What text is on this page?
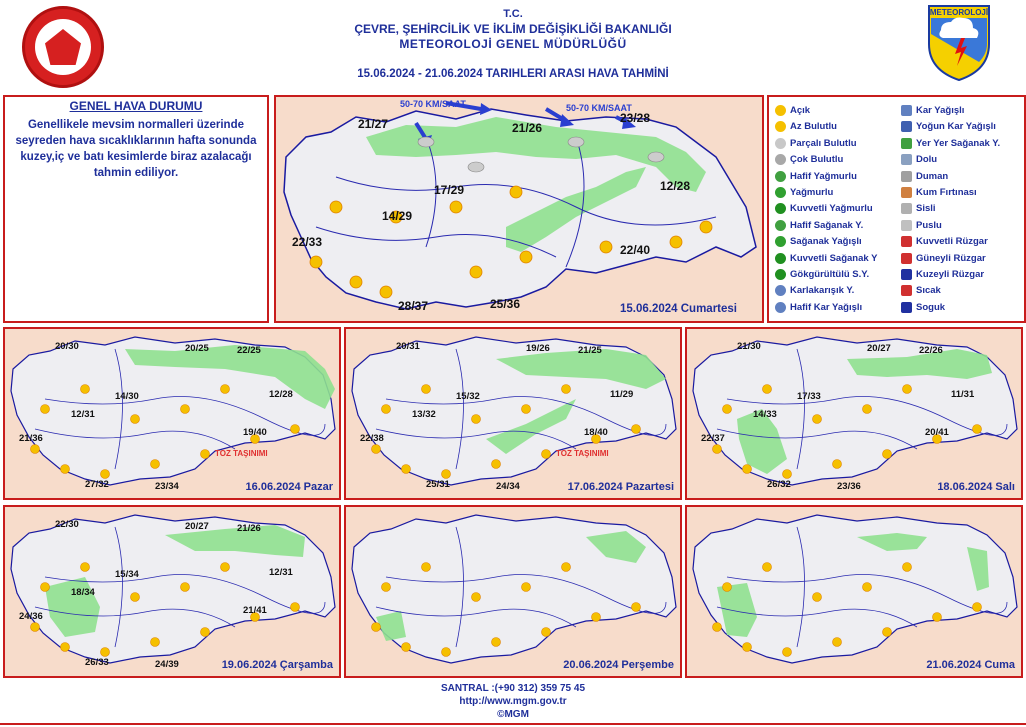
T.C.
ÇEVRE, ŞEHİRCİLİK VE İKLİM DEĞİŞİKLİĞİ BAKANLIĞI
METEOROLOJİ GENEL MÜDÜRLÜĞÜ
15.06.2024 - 21.06.2024 TARIHLERI ARASI HAVA TAHMİNİ
METEOROLOJİ
GENEL HAVA DURUMU
Genellikele mevsim normalleri üzerinde seyreden hava sıcaklıklarının hafta sonunda kuzey,iç ve batı kesimlerde biraz azalacağı tahmin ediliyor.
50-70 KM/SAAT	50-70 KM/SAAT
21/27	21/26
23/28
17/29	12/28
14/29
22/33
22/40
28/37	25/36	15.06.2024 Cumartesi
Açık
Az Bulutlu
Parçalı Bulutlu
Çok Bulutlu
Hafif Yağmurlu
Yağmurlu
Kuvvetli Yağmurlu
Hafif Sağanak Y.
Sağanak Yağışlı
Kuvvetli Sağanak Y
Gökgürültülü S.Y.
Karlakarışık Y.
Hafif Kar Yağışlı
Kar Yağışlı
Yoğun Kar Yağışlı
Yer Yer Sağanak Y.
Dolu
Duman
Kum Fırtınası
Sisli
Puslu
Kuvvetli Rüzgar
Güneyli Rüzgar
Kuzeyli Rüzgar
Sıcak
Soguk
20/30	20/25	22/25
14/30
12/31
12/28
21/36
19/40
27/32	23/34
TOZ TAŞINIMI
16.06.2024 Pazar
20/31	19/26	21/25
15/32
13/32
11/29
22/38
18/40
25/31	24/34
TOZ TAŞINIMI
17.06.2024 Pazartesi
21/30	20/27	22/26
17/33
14/33
11/31
22/37
20/41
26/32	23/36	18.06.2024 Salı
22/30	20/27	21/26
15/34
18/34
12/31
24/36
21/41
26/33	24/39	19.06.2024 Çarşamba	20.06.2024 Perşembe	21.06.2024 Cuma
SANTRAL :(+90 312) 359 75 45
http://www.mgm.gov.tr
©MGM
